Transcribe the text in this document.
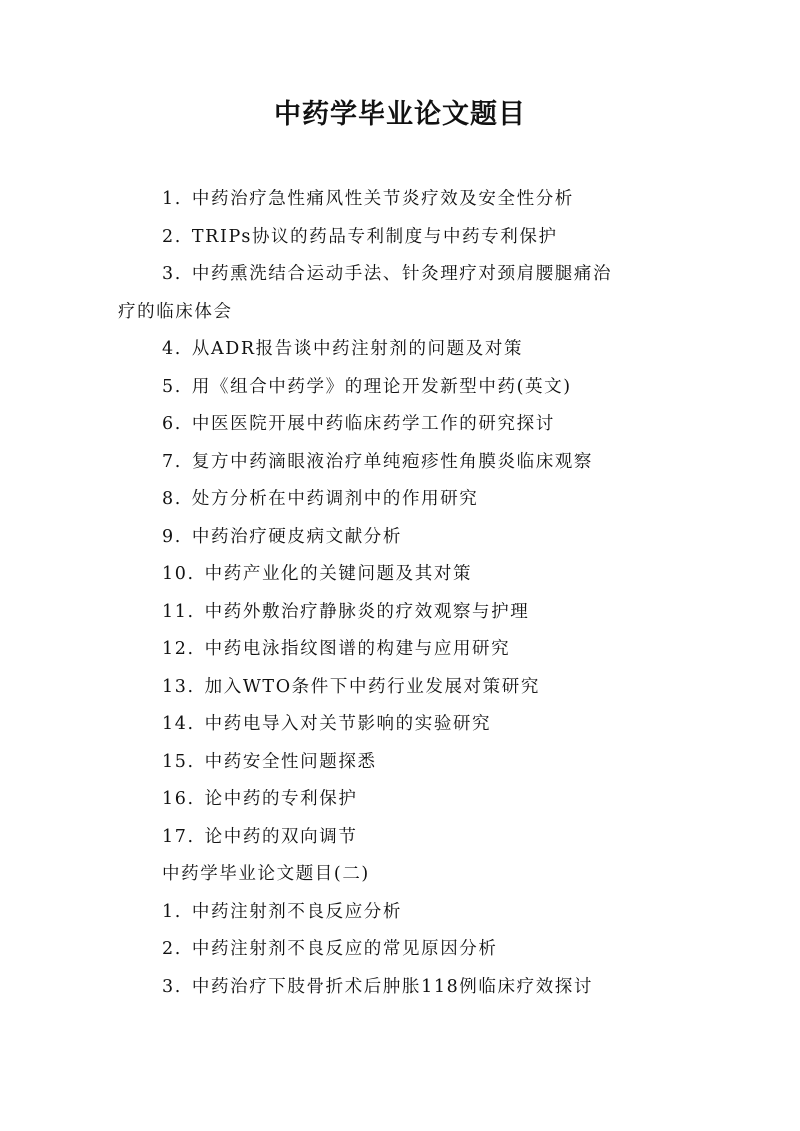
中药学毕业论文题目
1. 中药治疗急性痛风性关节炎疗效及安全性分析
2. TRIPs协议的药品专利制度与中药专利保护
3. 中药熏洗结合运动手法、针灸理疗对颈肩腰腿痛治
疗的临床体会
4. 从ADR报告谈中药注射剂的问题及对策
5. 用《组合中药学》的理论开发新型中药(英文)
6. 中医医院开展中药临床药学工作的研究探讨
7. 复方中药滴眼液治疗单纯疱疹性角膜炎临床观察
8. 处方分析在中药调剂中的作用研究
9. 中药治疗硬皮病文献分析
10. 中药产业化的关键问题及其对策
11. 中药外敷治疗静脉炎的疗效观察与护理
12. 中药电泳指纹图谱的构建与应用研究
13. 加入WTO条件下中药行业发展对策研究
14. 中药电导入对关节影响的实验研究
15. 中药安全性问题探悉
16. 论中药的专利保护
17. 论中药的双向调节
中药学毕业论文题目(二)
1. 中药注射剂不良反应分析
2. 中药注射剂不良反应的常见原因分析
3. 中药治疗下肢骨折术后肿胀118例临床疗效探讨
